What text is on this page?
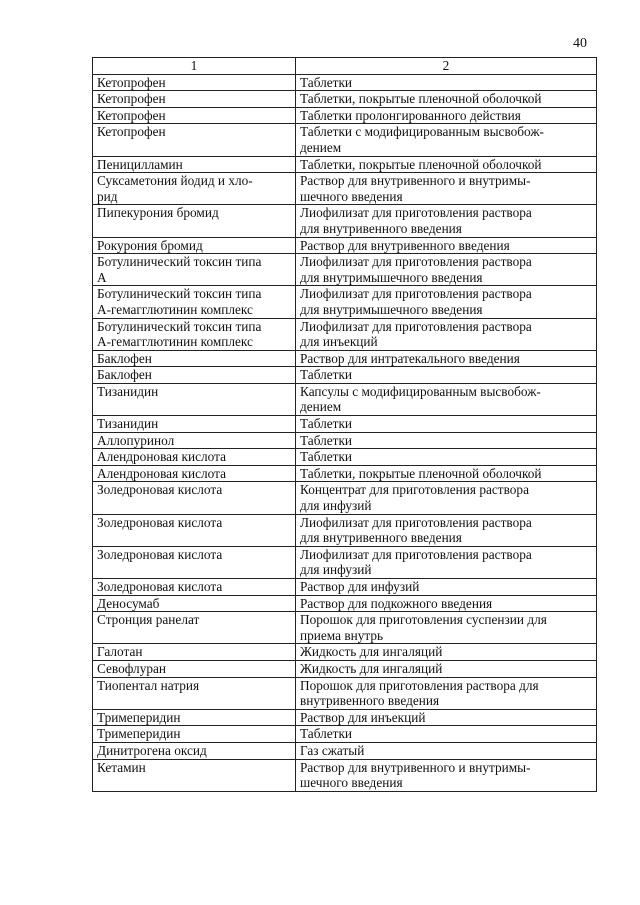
40
1	2
Кетопрофен	Таблетки
Кетопрофен	Таблетки, покрытые пленочной оболочкой
Кетопрофен	Таблетки пролонгированного действия
Кетопрофен	Таблетки с модифицированным высвобож-
дением
Пеницилламин	Таблетки, покрытые пленочной оболочкой
Суксаметония йодид и хло-
рид	Раствор для внутривенного и внутримы-
шечного введения
Пипекурония бромид	Лиофилизат для приготовления раствора
для внутривенного введения
Рокурония бромид	Раствор для внутривенного введения
Ботулинический токсин типа
A	Лиофилизат для приготовления раствора
для внутримышечного введения
Ботулинический токсин типа
A-гемагглютинин комплекс	Лиофилизат для приготовления раствора
для внутримышечного введения
Ботулинический токсин типа
A-гемагглютинин комплекс	Лиофилизат для приготовления раствора
для инъекций
Баклофен	Раствор для интратекального введения
Баклофен	Таблетки
Тизанидин	Капсулы с модифицированным высвобож-
дением
Тизанидин	Таблетки
Аллопуринол	Таблетки
Алендроновая кислота	Таблетки
Алендроновая кислота	Таблетки, покрытые пленочной оболочкой
Золедроновая кислота	Концентрат для приготовления раствора
для инфузий
Золедроновая кислота	Лиофилизат для приготовления раствора
для внутривенного введения
Золедроновая кислота	Лиофилизат для приготовления раствора
для инфузий
Золедроновая кислота	Раствор для инфузий
Деносумаб	Раствор для подкожного введения
Стронция ранелат	Порошок для приготовления суспензии для
приема внутрь
Галотан	Жидкость для ингаляций
Севофлуран	Жидкость для ингаляций
Тиопентал натрия	Порошок для приготовления раствора для
внутривенного введения
Тримеперидин	Раствор для инъекций
Тримеперидин	Таблетки
Динитрогена оксид	Газ сжатый
Кетамин	Раствор для внутривенного и внутримы-
шечного введения
